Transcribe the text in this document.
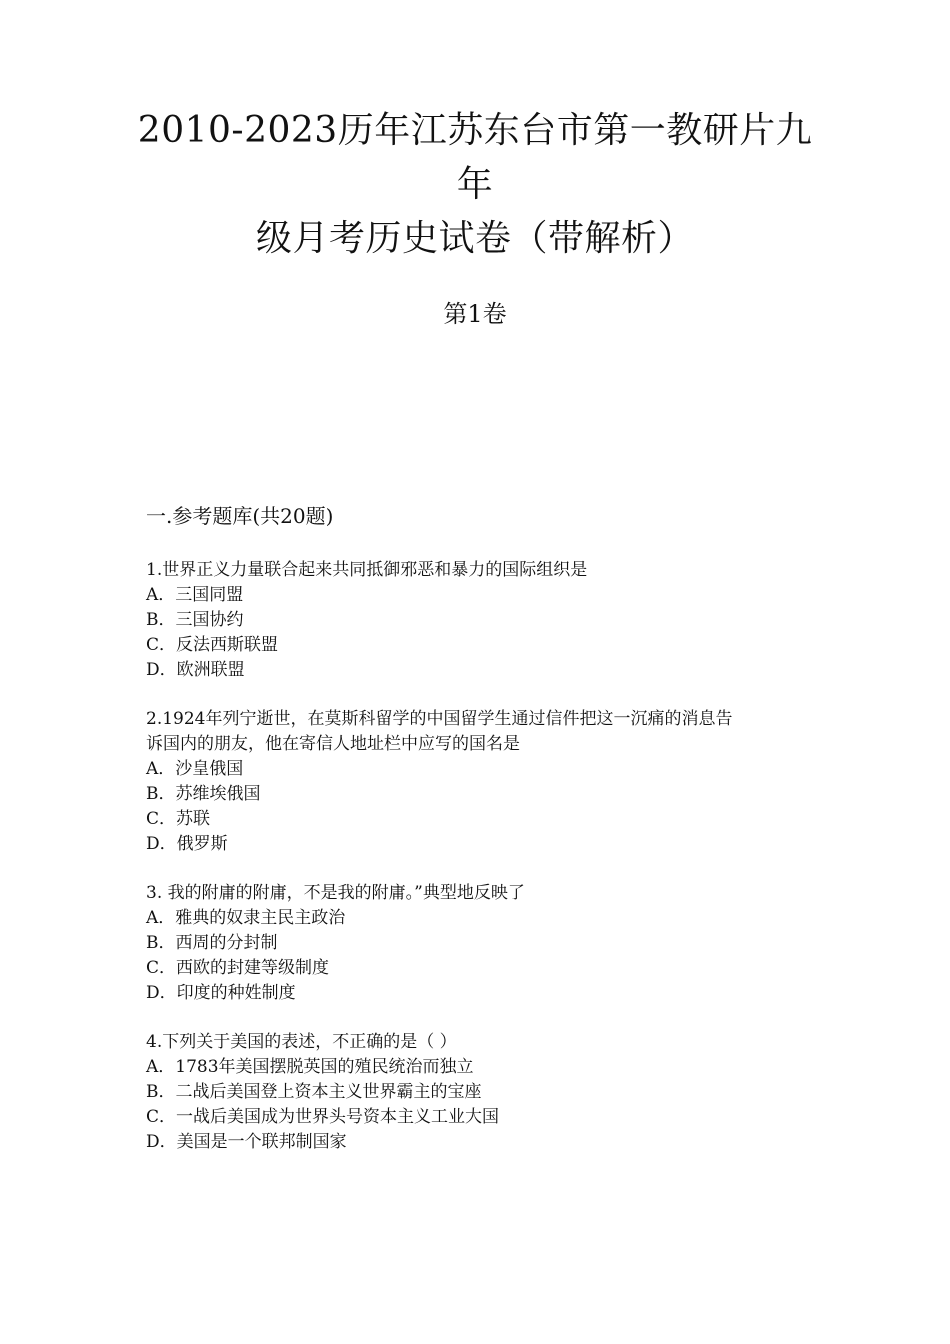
2010-2023历年江苏东台市第一教研片九年
级月考历史试卷（带解析）
第1卷
一.参考题库(共20题)

1.世界正义力量联合起来共同抵御邪恶和暴力的国际组织是

A．三国同盟

B．三国协约

C．反法西斯联盟

D．欧洲联盟

2.1924年列宁逝世，在莫斯科留学的中国留学生通过信件把这一沉痛的消息告

诉国内的朋友，他在寄信人地址栏中应写的国名是

A．沙皇俄国

B．苏维埃俄国

C．苏联

D．俄罗斯

3. 我的附庸的附庸，不是我的附庸。”典型地反映了

A．雅典的奴隶主民主政治

B．西周的分封制

C．西欧的封建等级制度

D．印度的种姓制度

4.下列关于美国的表述，不正确的是（ ）

A．1783年美国摆脱英国的殖民统治而独立

B．二战后美国登上资本主义世界霸主的宝座

C．一战后美国成为世界头号资本主义工业大国

D．美国是一个联邦制国家
